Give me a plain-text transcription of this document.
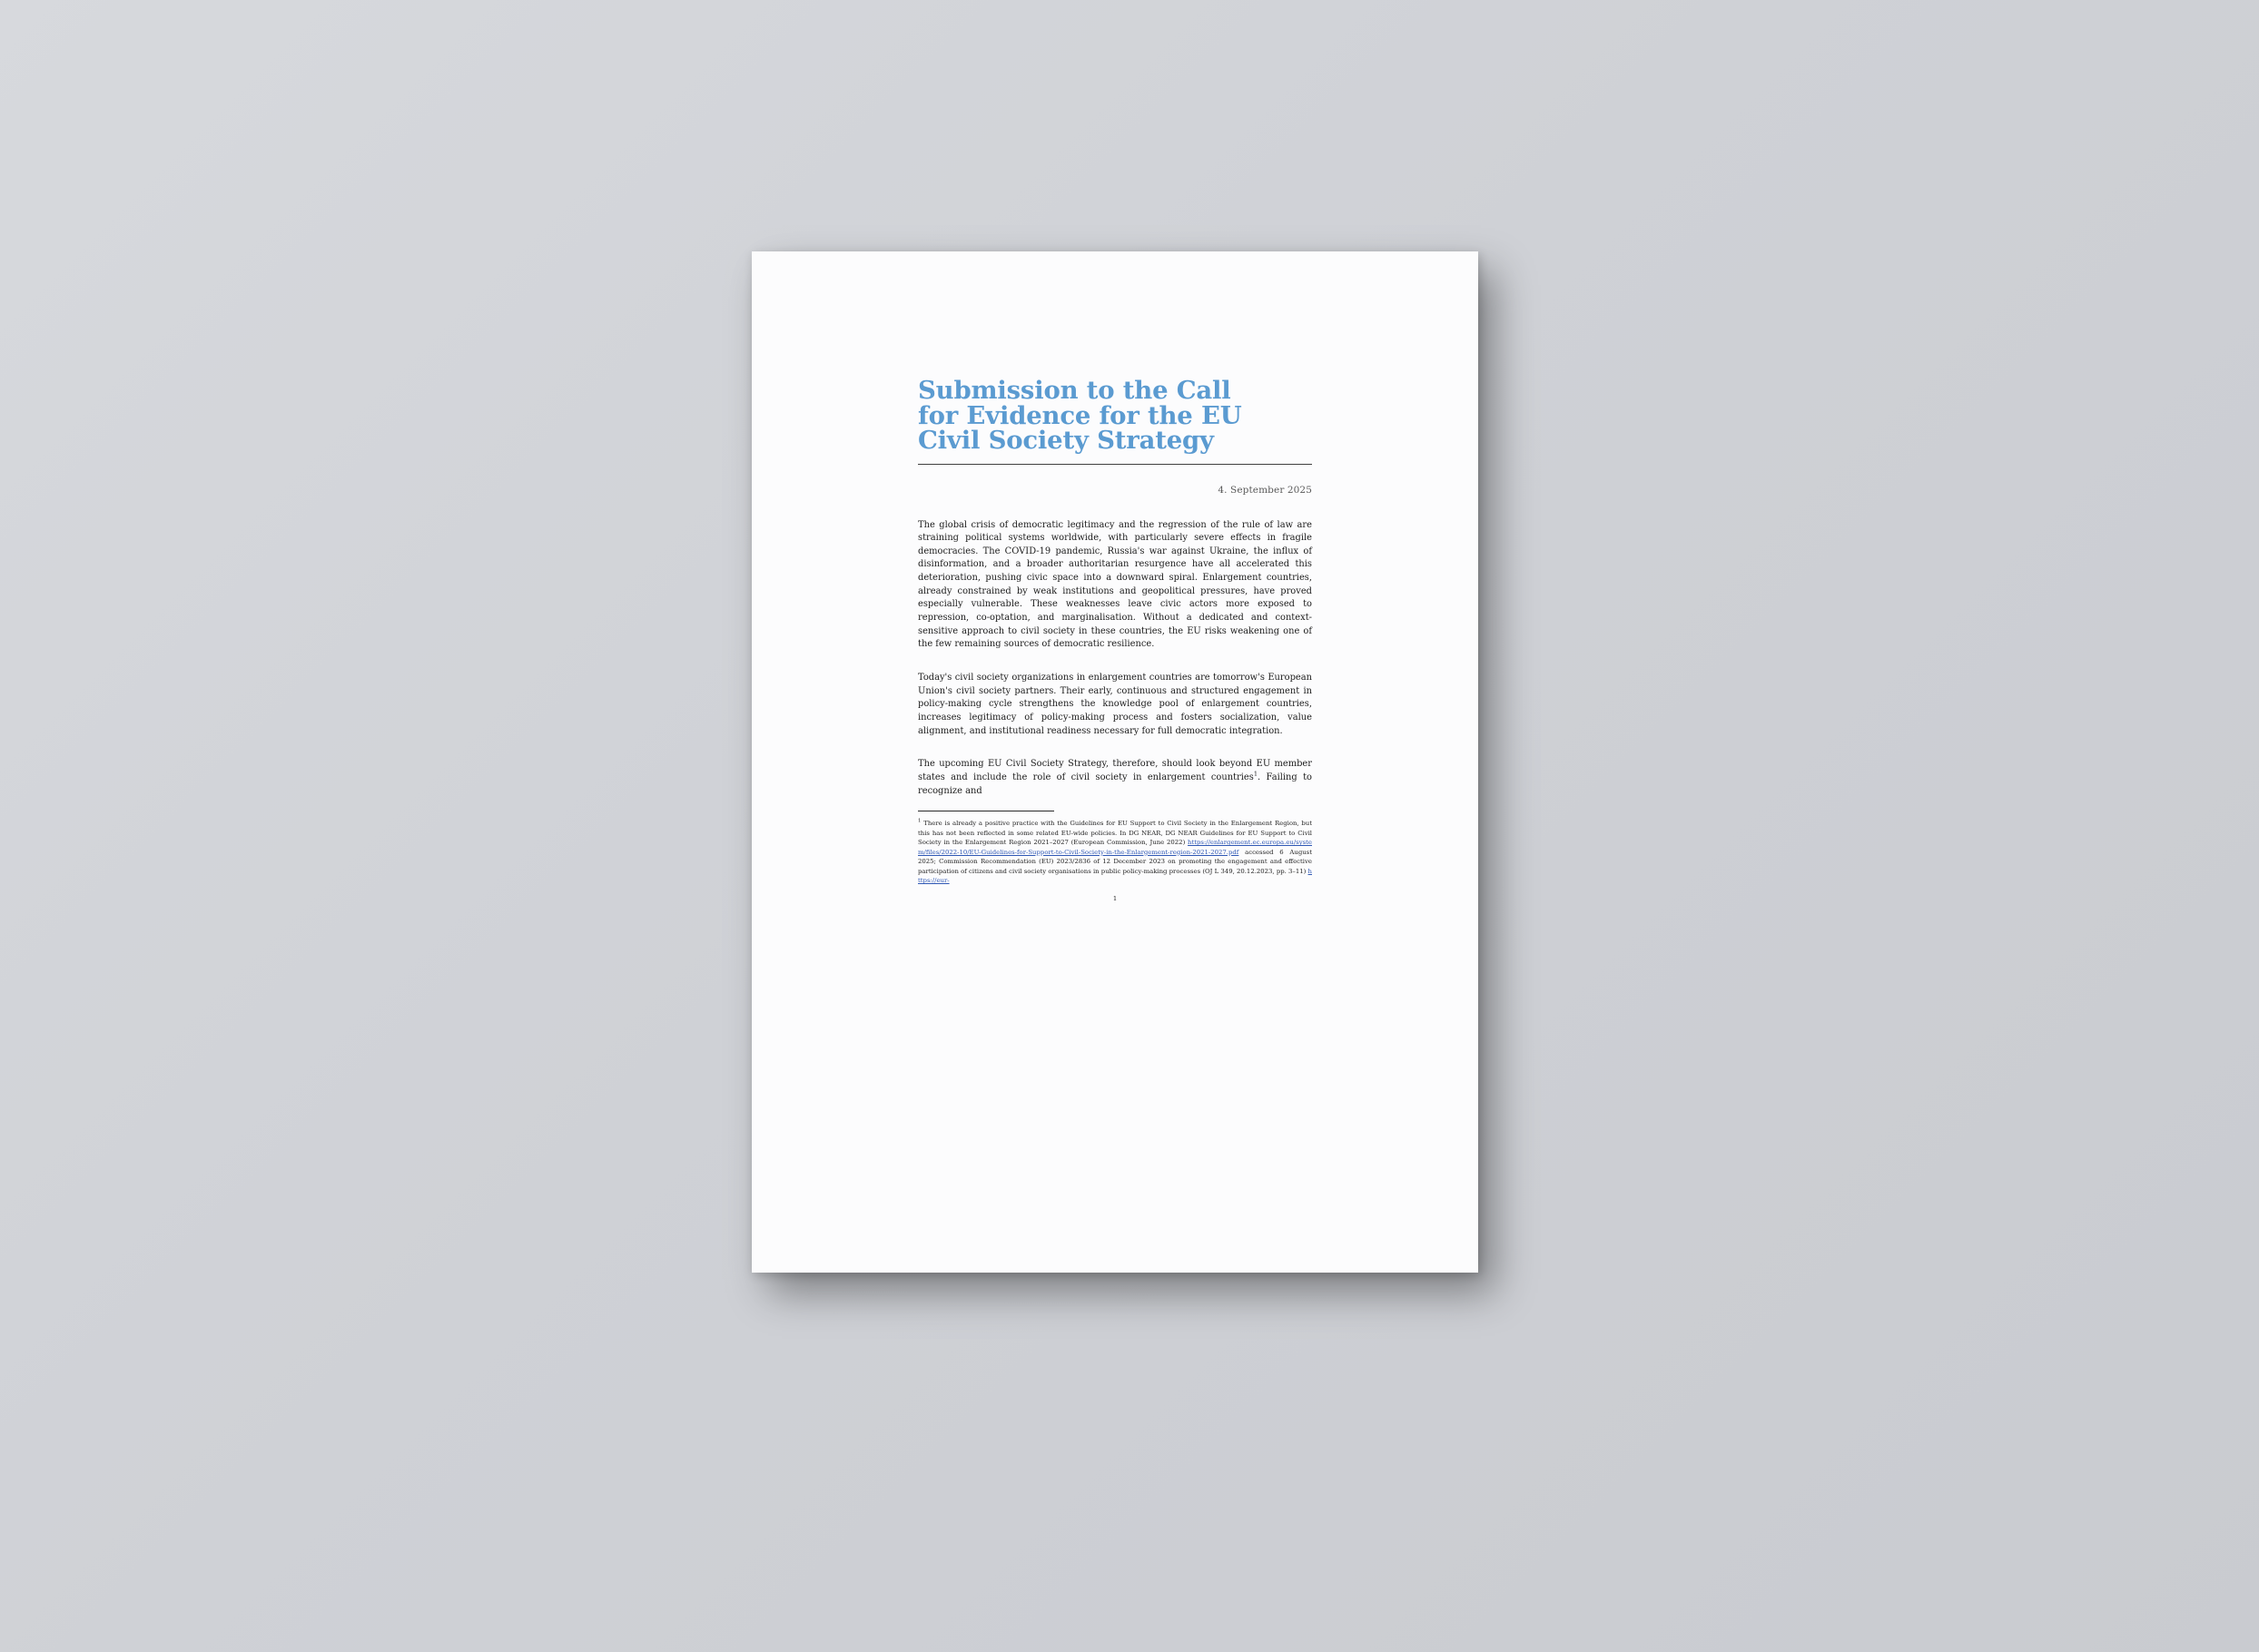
Submission to the Call
for Evidence for the EU
Civil Society Strategy
4. September 2025

The global crisis of democratic legitimacy and the regression of the rule of law are straining political systems worldwide, with particularly severe effects in fragile democracies. The COVID-19 pandemic, Russia's war against Ukraine, the influx of disinformation, and a broader authoritarian resurgence have all accelerated this deterioration, pushing civic space into a downward spiral. Enlargement countries, already constrained by weak institutions and geopolitical pressures, have proved especially vulnerable. These weaknesses leave civic actors more exposed to repression, co-optation, and marginalisation. Without a dedicated and context-sensitive approach to civil society in these countries, the EU risks weakening one of the few remaining sources of democratic resilience.

Today's civil society organizations in enlargement countries are tomorrow's European Union's civil society partners. Their early, continuous and structured engagement in policy-making cycle strengthens the knowledge pool of enlargement countries, increases legitimacy of policy-making process and fosters socialization, value alignment, and institutional readiness necessary for full democratic integration.

The upcoming EU Civil Society Strategy, therefore, should look beyond EU member states and include the role of civil society in enlargement countries$^1$. Failing to recognize and

$^1$ There is already a positive practice with the Guidelines for EU Support to Civil Society in the Enlargement Region, but this has not been reflected in some related EU-wide policies. In DG NEAR, DG NEAR Guidelines for EU Support to Civil Society in the Enlargement Region 2021–2027 (European Commission, June 2022) https://enlargement.ec.europa.eu/system/files/2022-10/EU-Guidelines-for-Support-to-Civil-Society-in-the-Enlargement-region-2021-2027.pdf accessed 6 August 2025; Commission Recommendation (EU) 2023/2836 of 12 December 2023 on promoting the engagement and effective participation of citizens and civil society organisations in public policy-making processes (OJ L 349, 20.12.2023, pp. 3–11) https://eur-
1
